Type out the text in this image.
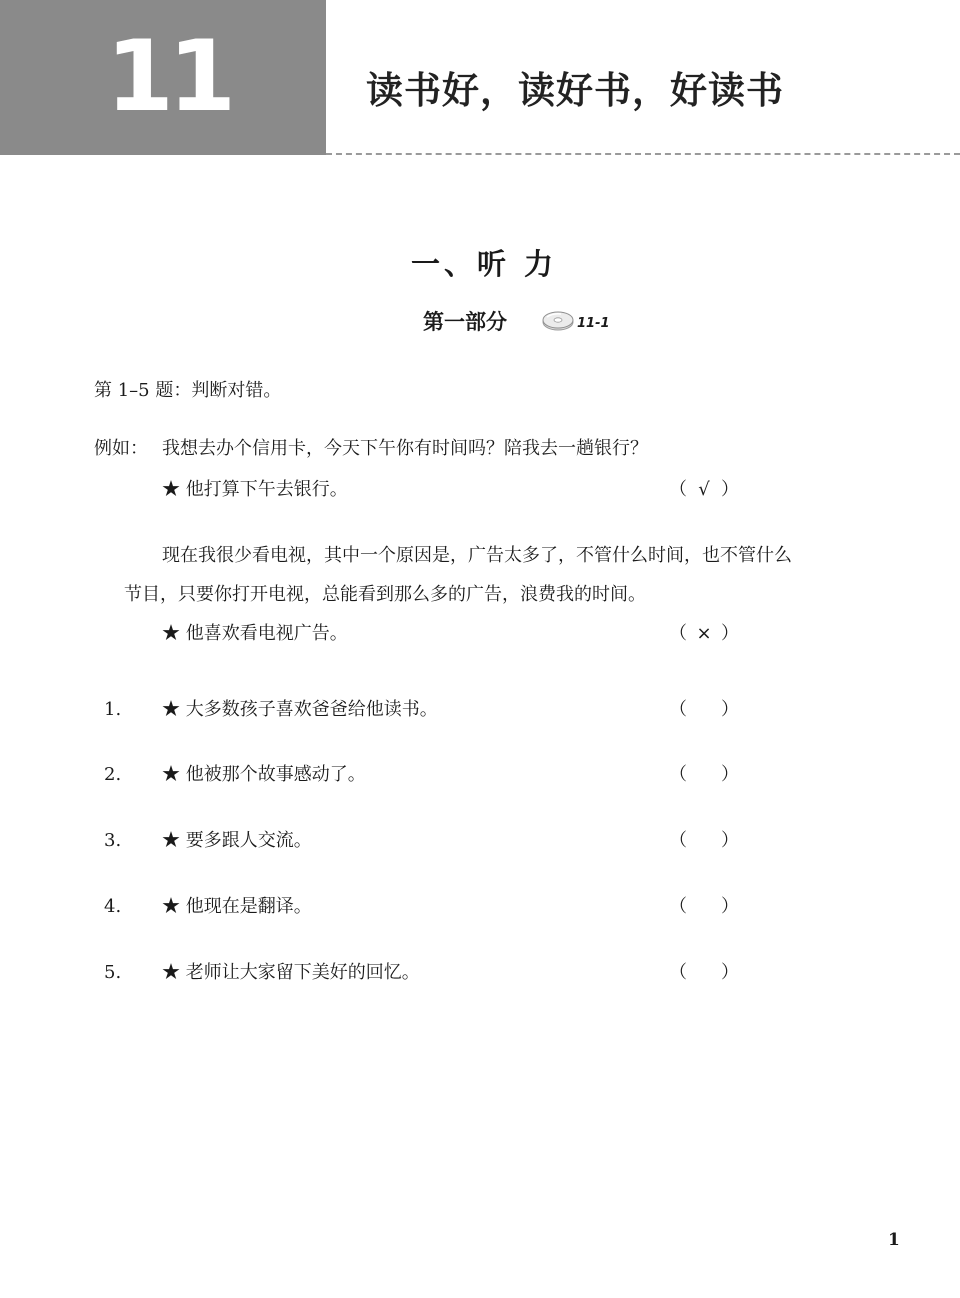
11	读书好，读好书，好读书
一、听 力
第一部分	11-1
第 1–5 题：判断对错。
例如： 我想去办个信用卡，今天下午你有时间吗？陪我去一趟银行？
★ 他打算下午去银行。	（ √ ）
现在我很少看电视，其中一个原因是，广告太多了，不管什么时间，也不管什么
节目，只要你打开电视，总能看到那么多的广告，浪费我的时间。
★ 他喜欢看电视广告。	（ × ）
1. ★ 大多数孩子喜欢爸爸给他读书。	（ ）
2. ★ 他被那个故事感动了。	（ ）
3. ★ 要多跟人交流。	（ ）
4. ★ 他现在是翻译。	（ ）
5. ★ 老师让大家留下美好的回忆。	（ ）
1
